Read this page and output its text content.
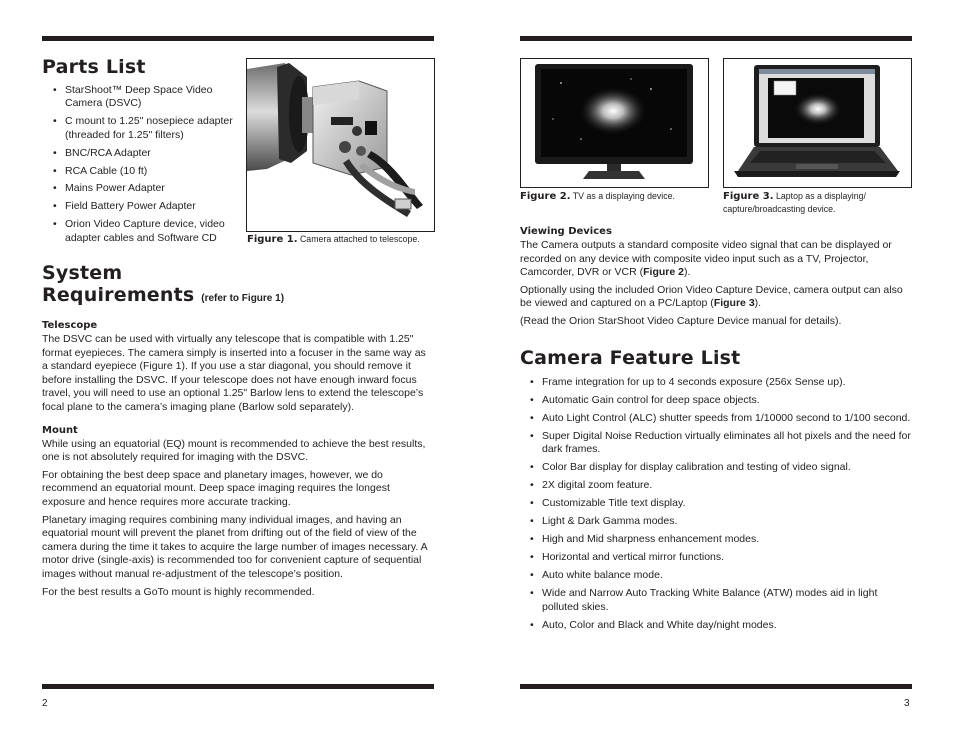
Parts List
• StarShoot™ Deep Space Video Camera (DSVC)
• C mount to 1.25" nosepiece adapter (threaded for 1.25" filters)
• BNC/RCA Adapter
• RCA Cable (10 ft)
• Mains Power Adapter
• Field Battery Power Adapter
• Orion Video Capture device, video adapter cables and Software CD	Figure 1. Camera attached to telescope.
System
Requirements (refer to Figure 1)
Telescope

The DSVC can be used with virtually any telescope that is compatible with 1.25" format eyepieces. The camera simply is inserted into a focuser in the same way as a standard eyepiece (Figure 1). If you use a star diagonal, you should remove it before installing the DSVC. If your telescope does not have enough inward focus travel, you will need to use an optional 1.25" Barlow lens to extend the telescope’s focal plane to the camera’s imaging plane (Barlow sold separately).

Mount

While using an equatorial (EQ) mount is recommended to achieve the best results, one is not absolutely required for imaging with the DSVC.

For obtaining the best deep space and planetary images, however, we do recommend an equatorial mount. Deep space imaging requires the longest exposure and hence requires more accurate tracking.

Planetary imaging requires combining many individual images, and having an equatorial mount will prevent the planet from drifting out of the field of view of the camera during the time it takes to acquire the large number of images necessary. A motor drive (single-axis) is recommended too for convenient capture of sequential images without manual re-adjustment of the telescope’s position.

For the best results a GoTo mount is highly recommended.

2
Figure 2. TV as a displaying device.	Figure 3. Laptop as a displaying/ capture/broadcasting device.
Viewing Devices

The Camera outputs a standard composite video signal that can be displayed or recorded on any device with composite video input such as a TV, Projector, Camcorder, DVR or VCR (Figure 2).

Optionally using the included Orion Video Capture Device, camera output can also be viewed and captured on a PC/Laptop (Figure 3).

(Read the Orion StarShoot Video Capture Device manual for details).

Camera Feature List
• Frame integration for up to 4 seconds exposure (256x Sense up).
• Automatic Gain control for deep space objects.
• Auto Light Control (ALC) shutter speeds from 1/10000 second to 1/100 second.
• Super Digital Noise Reduction virtually eliminates all hot pixels and the need for dark frames.
• Color Bar display for display calibration and testing of video signal.
• 2X digital zoom feature.
• Customizable Title text display.
• Light & Dark Gamma modes.
• High and Mid sharpness enhancement modes.
• Horizontal and vertical mirror functions.
• Auto white balance mode.
• Wide and Narrow Auto Tracking White Balance (ATW) modes aid in light polluted skies.
• Auto, Color and Black and White day/night modes.
3
